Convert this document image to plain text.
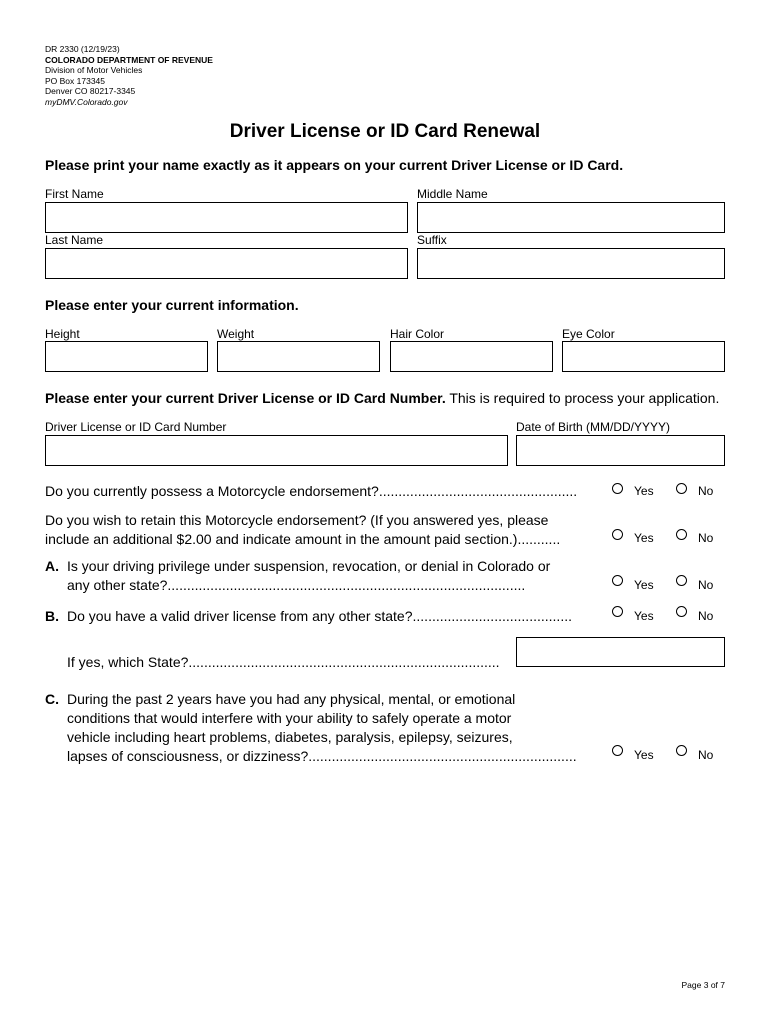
DR 2330 (12/19/23)
COLORADO DEPARTMENT OF REVENUE
Division of Motor Vehicles
PO Box 173345
Denver CO 80217-3345
myDMV.Colorado.gov
Driver License or ID Card Renewal
Please print your name exactly as it appears on your current Driver License or ID Card.
First Name	Middle Name
Last Name	Suffix
Please enter your current information.
Height	Weight	Hair Color	Eye Color
Please enter your current Driver License or ID Card Number. This is required to process your application.
Driver License or ID Card Number	Date of Birth (MM/DD/YYYY)
Do you currently possess a Motorcycle endorsement?...................................................	Yes	No
Do you wish to retain this Motorcycle endorsement? (If you answered yes, please
include an additional $2.00 and indicate amount in the amount paid section.)...........	Yes	No
A. Is your driving privilege under suspension, revocation, or denial in Colorado or
any other state?............................................................................................	Yes	No
B. Do you have a valid driver license from any other state?.........................................	Yes	No
If yes, which State?................................................................................
C. During the past 2 years have you had any physical, mental, or emotional
conditions that would interfere with your ability to safely operate a motor
vehicle including heart problems, diabetes, paralysis, epilepsy, seizures,
lapses of consciousness, or dizziness?.....................................................................	Yes	No
Page 3 of 7
